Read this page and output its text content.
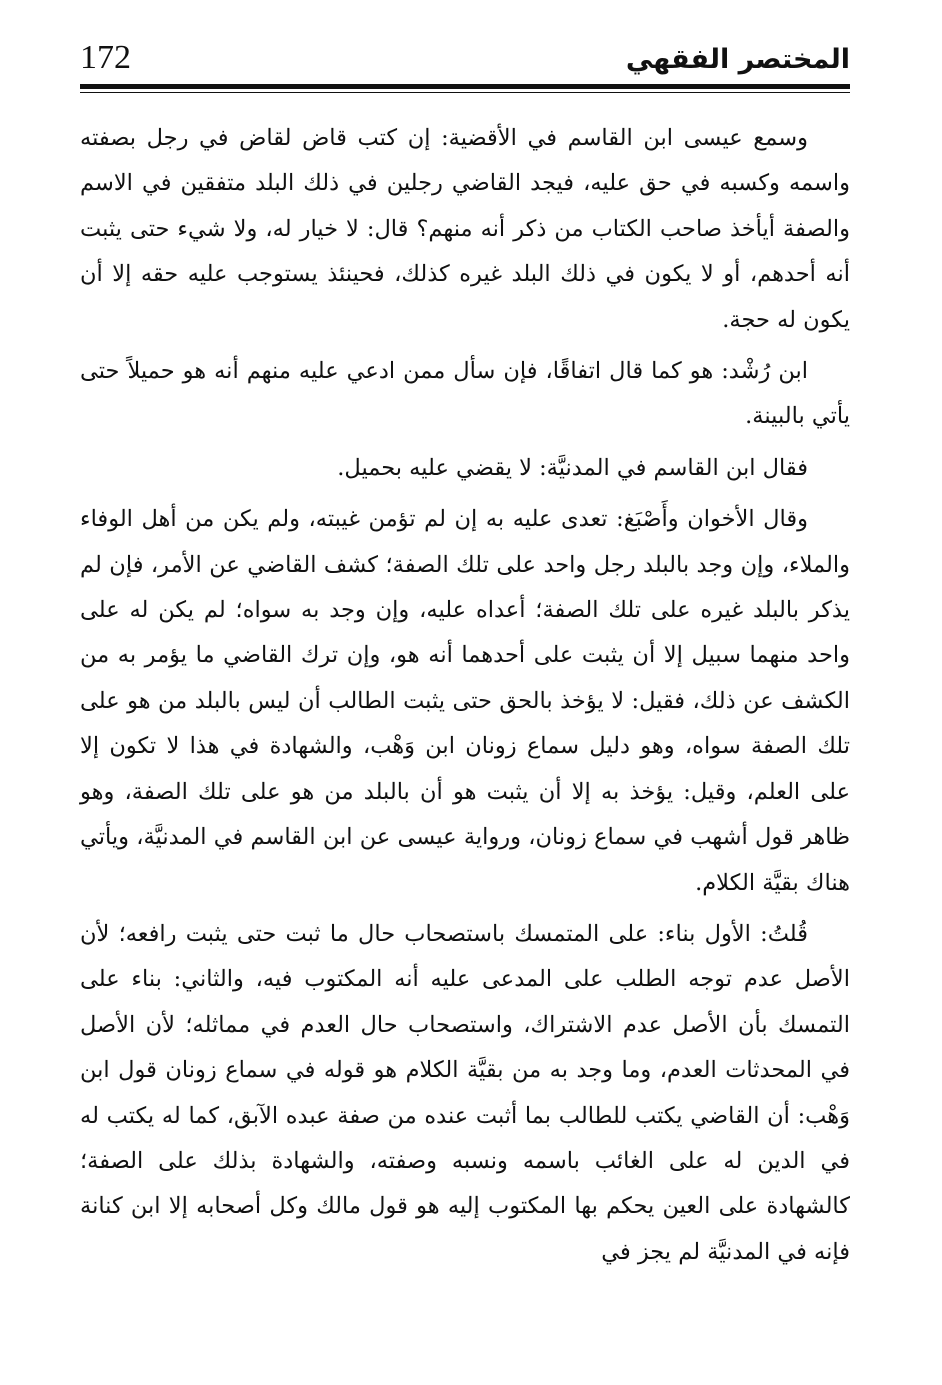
172	المختصر الفقهي

وسمع عيسى ابن القاسم في الأقضية: إن كتب قاض لقاض في رجل بصفته واسمه وكسبه في حق عليه، فيجد القاضي رجلين في ذلك البلد متفقين في الاسم والصفة أيأخذ صاحب الكتاب من ذكر أنه منهم؟ قال: لا خيار له، ولا شيء حتى يثبت أنه أحدهم، أو لا يكون في ذلك البلد غيره كذلك، فحينئذ يستوجب عليه حقه إلا أن يكون له حجة.

ابن رُشْد: هو كما قال اتفاقًا، فإن سأل ممن ادعي عليه منهم أنه هو حميلاً حتى يأتي بالبينة.

فقال ابن القاسم في المدنيَّة: لا يقضي عليه بحميل.

وقال الأخوان وأَصْبَغ: تعدى عليه به إن لم تؤمن غيبته، ولم يكن من أهل الوفاء والملاء، وإن وجد بالبلد رجل واحد على تلك الصفة؛ كشف القاضي عن الأمر، فإن لم يذكر بالبلد غيره على تلك الصفة؛ أعداه عليه، وإن وجد به سواه؛ لم يكن له على واحد منهما سبيل إلا أن يثبت على أحدهما أنه هو، وإن ترك القاضي ما يؤمر به من الكشف عن ذلك، فقيل: لا يؤخذ بالحق حتى يثبت الطالب أن ليس بالبلد من هو على تلك الصفة سواه، وهو دليل سماع زونان ابن وَهْب، والشهادة في هذا لا تكون إلا على العلم، وقيل: يؤخذ به إلا أن يثبت هو أن بالبلد من هو على تلك الصفة، وهو ظاهر قول أشهب في سماع زونان، ورواية عيسى عن ابن القاسم في المدنيَّة، ويأتي هناك بقيَّة الكلام.

قُلتُ: الأول بناء: على المتمسك باستصحاب حال ما ثبت حتى يثبت رافعه؛ لأن الأصل عدم توجه الطلب على المدعى عليه أنه المكتوب فيه، والثاني: بناء على التمسك بأن الأصل عدم الاشتراك، واستصحاب حال العدم في مماثله؛ لأن الأصل في المحدثات العدم، وما وجد به من بقيَّة الكلام هو قوله في سماع زونان قول ابن وَهْب: أن القاضي يكتب للطالب بما أثبت عنده من صفة عبده الآبق، كما له يكتب له في الدين له على الغائب باسمه ونسبه وصفته، والشهادة بذلك على الصفة؛ كالشهادة على العين يحكم بها المكتوب إليه هو قول مالك وكل أصحابه إلا ابن كنانة فإنه في المدنيَّة لم يجز في
